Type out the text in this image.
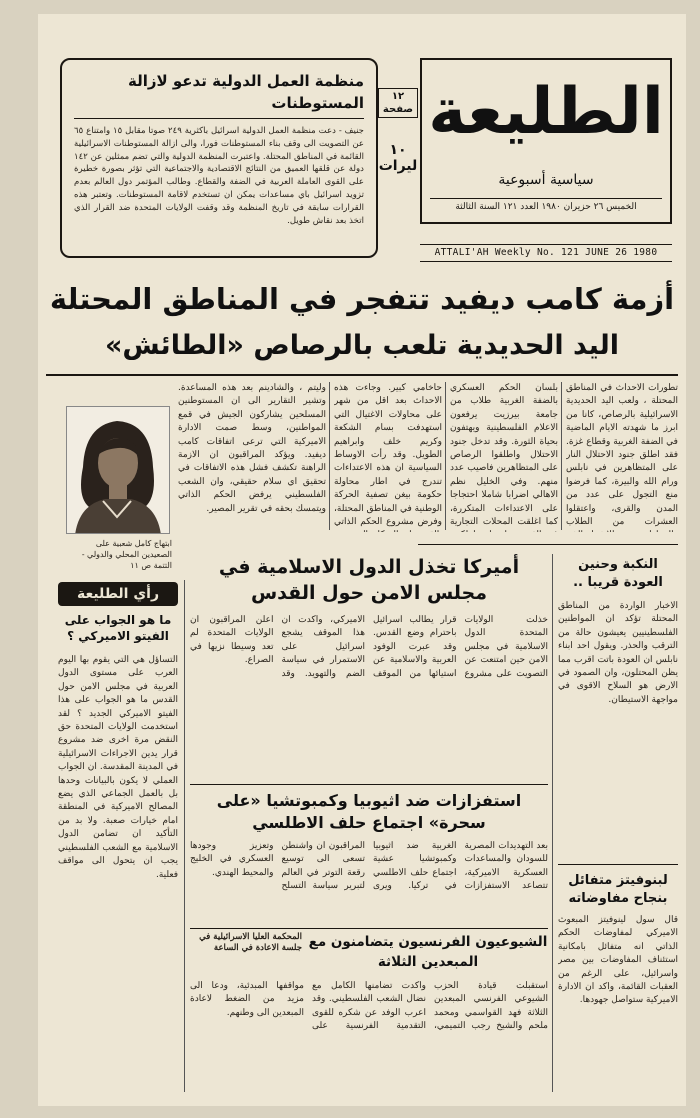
الطليعة
سياسية أسبوعية
الخميس ٢٦ حزيران ١٩٨٠ العدد ١٢١ السنة الثالثة
ATTALI'AH Weekly No. 121 JUNE 26 1980
١٢ صفحة
١٠ ليرات
منظمة العمل الدولية تدعو لازالة المستوطنات
جنيف - دعت منظمة العمل الدولية اسرائيل باكثرية ٢٤٩ صوتا مقابل ١٥ وامتناع ٦٥ عن التصويت الى وقف بناء المستوطنات فورا، والى ازالة المستوطنات الاسرائيلية القائمة في المناطق المحتلة. واعتبرت المنظمة الدولية والتي تضم ممثلين عن ١٤٢ دولة عن قلقها العميق من النتائج الاقتصادية والاجتماعية التي تؤثر بصورة خطيرة على القوى العاملة العربية في الضفة والقطاع. وطالب المؤتمر دول العالم بعدم تزويد اسرائيل باي مساعدات يمكن ان تستخدم لاقامة المستوطنات. وتعتبر هذه القرارات سابقة في تاريخ المنظمة وقد وقفت الولايات المتحدة ضد القرار الذي اتخذ بعد نقاش طويل.
أزمة كامب ديفيد تتفجر في المناطق المحتلة
اليد الحديدية تلعب بالرصاص «الطائش»
تطورات الاحداث في المناطق المحتلة ، ولعب اليد الحديدية الاسرائيلية بالرصاص، كانا من ابرز ما شهدته الايام الماضية في الضفة الغربية وقطاع غزة. فقد اطلق جنود الاحتلال النار على المتظاهرين في نابلس ورام الله والبيرة، كما فرضوا منع التجول على عدد من المدن والقرى، واعتقلوا العشرات من الطلاب
بلسان الحكم العسكري بالضفة الغربية طلاب من جامعة بيرزيت يرفعون الاعلام الفلسطينية ويهتفون بحياة الثورة. وقد تدخل جنود الاحتلال واطلقوا الرصاص على المتظاهرين فاصيب عدد منهم. وفي الخليل نظم الاهالي اضرابا شاملا احتجاجا على الاعتداءات المتكررة، كما اغلقت المحلات التجارية
حاخامي كبير. وجاءت هذه الاحداث بعد اقل من شهر على محاولات الاغتيال التي استهدفت بسام الشكعة وكريم خلف وابراهيم الطويل. وقد رأت الاوساط السياسية ان هذه الاعتداءات تندرج في اطار محاولة حكومة بيغن تصفية الحركة الوطنية في المناطق المحتلة، وفرض مشروع الحكم الذاتي
وليتم ، والشادينم بعد هذه المساعدة. وتشير التقارير الى ان المستوطنين المسلحين يشاركون الجيش في قمع المواطنين، وسط صمت الادارة الاميركية التي ترعى اتفاقات كامب ديفيد. ويؤكد المراقبون ان الازمة الراهنة تكشف فشل هذه الاتفاقات في تحقيق اي سلام حقيقي، وان الشعب الفلسطيني يرفض الحكم الذاتي ويتمسك بحقه في تقرير المصير.
ابتهاج كامل شعبية على الصعيدين المحلي والدولي - التتمة ص ١١
رأي الطليعة
ما هو الجواب على الفيتو الاميركي ؟
التساؤل هي التي يقوم بها اليوم العرب على مستوى الدول العربية في مجلس الامن حول القدس ما هو الجواب على هذا الفيتو الاميركي الجديد ؟ لقد استخدمت الولايات المتحدة حق النقض مرة اخرى ضد مشروع قرار يدين الاجراءات الاسرائيلية في المدينة المقدسة. ان الجواب العملي لا يكون بالبيانات وحدها بل بالعمل الجماعي الذي يضع المصالح الاميركية في المنطقة امام خيارات صعبة. ولا بد من التأكيد ان تضامن الدول الاسلامية مع الشعب الفلسطيني يجب ان يتحول الى مواقف فعلية.
النكبة وحنين العودة قريبا ..
الاخبار الواردة من المناطق المحتلة تؤكد ان المواطنين الفلسطينيين يعيشون حالة من الترقب والحذر. ويقول احد ابناء نابلس ان العودة باتت اقرب مما يظن المحتلون، وان الصمود في الارض هو السلاح الاقوى في مواجهة الاستيطان.
لبنوفيتز متفائل بنجاح مفاوضاته
قال سول لينوفيتز المبعوث الاميركي لمفاوضات الحكم الذاتي انه متفائل بامكانية استئناف المفاوضات بين مصر واسرائيل، على الرغم من العقبات القائمة، واكد ان الادارة الاميركية ستواصل جهودها.
أميركا تخذل الدول الاسلامية في مجلس الامن حول القدس
خذلت الولايات المتحدة الدول الاسلامية في مجلس الامن حين امتنعت عن التصويت على مشروع قرار يطالب اسرائيل باحترام وضع القدس. وقد عبرت الوفود العربية والاسلامية عن استيائها من الموقف الاميركي، واكدت ان هذا الموقف يشجع اسرائيل على الاستمرار في سياسة الضم والتهويد. وقد اعلن المراقبون ان الولايات المتحدة لم تعد وسيطا نزيها في الصراع.
استفزازات ضد اثيوبيا وكمبوتشيا «على سحرة» اجتماع حلف الاطلسي
بعد التهديدات المصرية للسودان والمساعدات العسكرية الاميركية، تتصاعد الاستفزازات الغربية ضد اثيوبيا وكمبوتشيا عشية اجتماع حلف الاطلسي في تركيا. ويرى المراقبون ان واشنطن تسعى الى توسيع رقعة التوتر في العالم لتبرير سياسة التسلح وتعزيز وجودها العسكري في الخليج والمحيط الهندي.
الشيوعيون الفرنسيون يتضامنون مع المبعدين الثلاثة
استقبلت قيادة الحزب الشيوعي الفرنسي المبعدين الثلاثة فهد القواسمي ومحمد ملحم والشيخ رجب التميمي، واكدت تضامنها الكامل مع نضال الشعب الفلسطيني. وقد اعرب الوفد عن شكره للقوى التقدمية الفرنسية على مواقفها المبدئية، ودعا الى مزيد من الضغط لاعادة المبعدين الى وطنهم.
المحكمة العليا الاسرائيلية في جلسة الاعادة في الساعة
